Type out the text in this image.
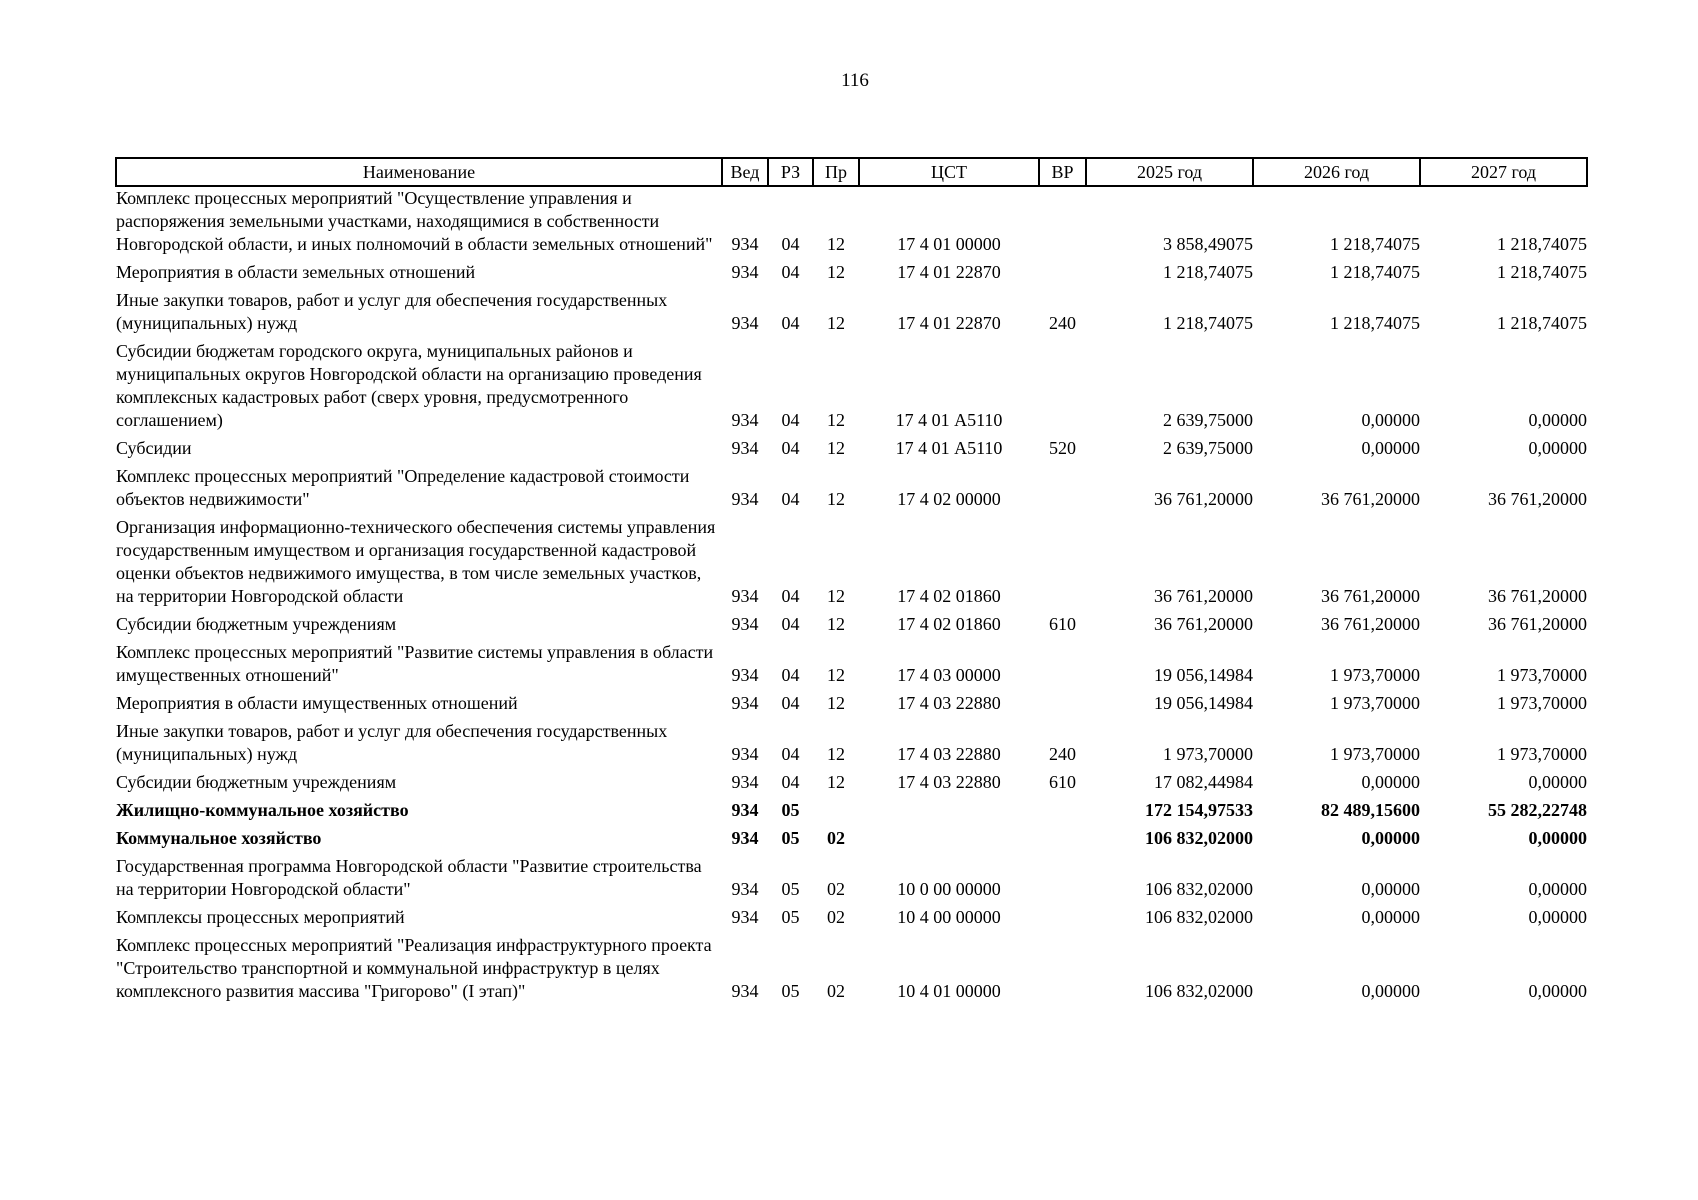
116
Наименование	Вед	РЗ	Пр	ЦСТ	ВР	2025 год	2026 год	2027 год
Комплекс процессных мероприятий "Осуществление управления и распоряжения земельными участками, находящимися в собственности Новгородской области, и иных полномочий в области земельных отношений"	934	04	12	17 4 01 00000		3 858,49075	1 218,74075	1 218,74075
Мероприятия в области земельных отношений	934	04	12	17 4 01 22870		1 218,74075	1 218,74075	1 218,74075
Иные закупки товаров, работ и услуг для обеспечения государственных (муниципальных) нужд	934	04	12	17 4 01 22870	240	1 218,74075	1 218,74075	1 218,74075
Субсидии бюджетам городского округа, муниципальных районов и муниципальных округов Новгородской области на организацию проведения комплексных кадастровых работ (сверх уровня, предусмотренного соглашением)	934	04	12	17 4 01 А5110		2 639,75000	0,00000	0,00000
Субсидии	934	04	12	17 4 01 А5110	520	2 639,75000	0,00000	0,00000
Комплекс процессных мероприятий "Определение кадастровой стоимости объектов недвижимости"	934	04	12	17 4 02 00000		36 761,20000	36 761,20000	36 761,20000
Организация информационно-технического обеспечения системы управления государственным имуществом и организация государственной кадастровой оценки объектов недвижимого имущества, в том числе земельных участков, на территории Новгородской области	934	04	12	17 4 02 01860		36 761,20000	36 761,20000	36 761,20000
Субсидии бюджетным учреждениям	934	04	12	17 4 02 01860	610	36 761,20000	36 761,20000	36 761,20000
Комплекс процессных мероприятий "Развитие системы управления в области имущественных отношений"	934	04	12	17 4 03 00000		19 056,14984	1 973,70000	1 973,70000
Мероприятия в области имущественных отношений	934	04	12	17 4 03 22880		19 056,14984	1 973,70000	1 973,70000
Иные закупки товаров, работ и услуг для обеспечения государственных (муниципальных) нужд	934	04	12	17 4 03 22880	240	1 973,70000	1 973,70000	1 973,70000
Субсидии бюджетным учреждениям	934	04	12	17 4 03 22880	610	17 082,44984	0,00000	0,00000
Жилищно-коммунальное хозяйство	934	05				172 154,97533	82 489,15600	55 282,22748
Коммунальное хозяйство	934	05	02			106 832,02000	0,00000	0,00000
Государственная программа Новгородской области "Развитие строительства на территории Новгородской области"	934	05	02	10 0 00 00000		106 832,02000	0,00000	0,00000
Комплексы процессных мероприятий	934	05	02	10 4 00 00000		106 832,02000	0,00000	0,00000
Комплекс процессных мероприятий "Реализация инфраструктурного проекта "Строительство транспортной и коммунальной инфраструктур в целях комплексного развития массива "Григорово" (I этап)"	934	05	02	10 4 01 00000		106 832,02000	0,00000	0,00000
